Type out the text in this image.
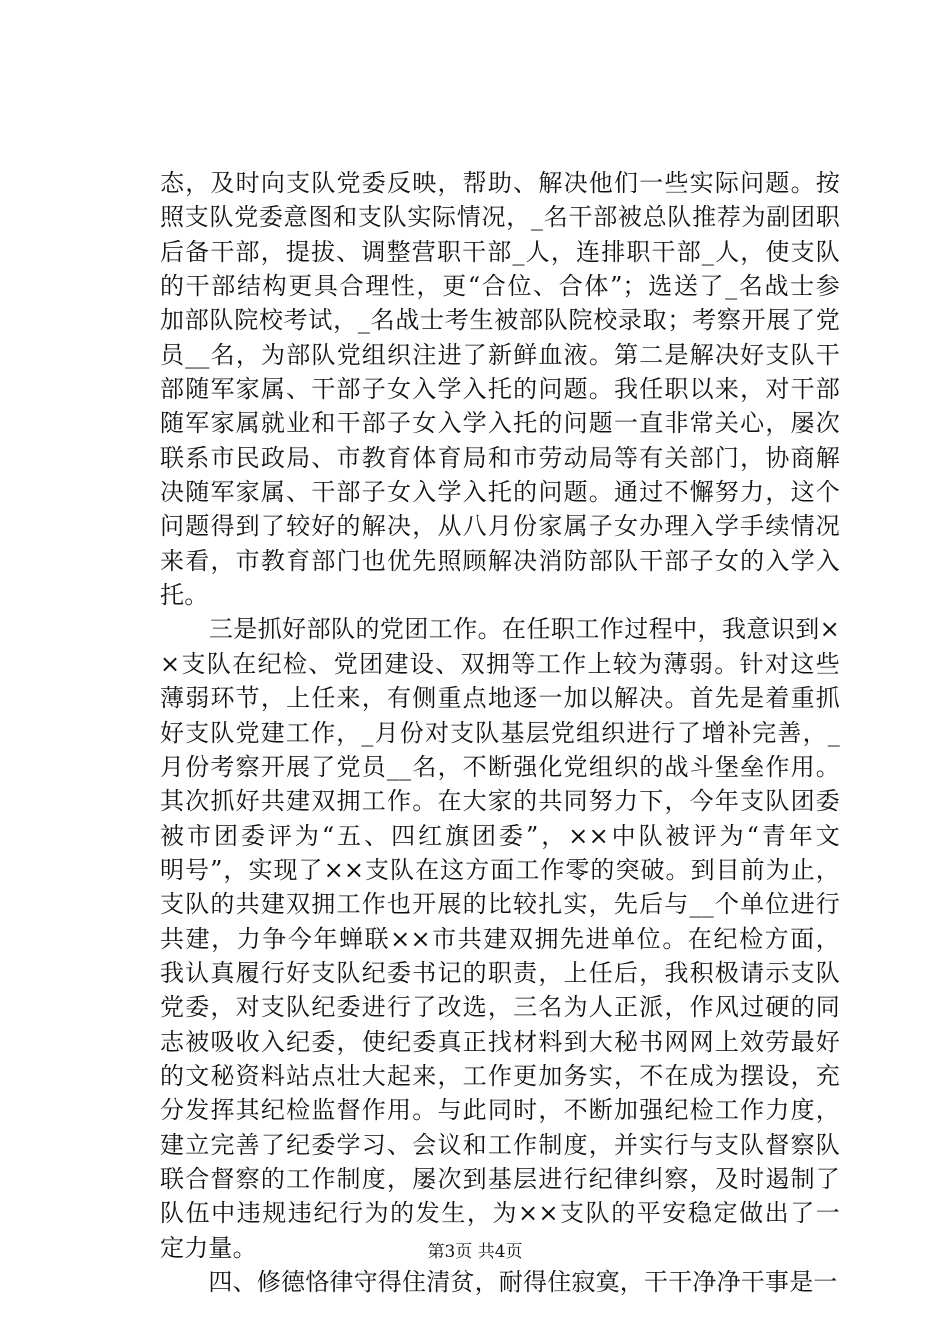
态，及时向支队党委反映，帮助、解决他们一些实际问题。按
照支队党委意图和支队实际情况，_名干部被总队推荐为副团职
后备干部，提拔、调整营职干部_人，连排职干部_人，使支队
的干部结构更具合理性，更“合位、合体”；选送了_名战士参
加部队院校考试，_名战士考生被部队院校录取；考察开展了党
员__名，为部队党组织注进了新鲜血液。第二是解决好支队干
部随军家属、干部子女入学入托的问题。我任职以来，对干部
随军家属就业和干部子女入学入托的问题一直非常关心，屡次
联系市民政局、市教育体育局和市劳动局等有关部门，协商解
决随军家属、干部子女入学入托的问题。通过不懈努力，这个
问题得到了较好的解决，从八月份家属子女办理入学手续情况
来看，市教育部门也优先照顾解决消防部队干部子女的入学入
托。
　　三是抓好部队的党团工作。在任职工作过程中，我意识到×
×支队在纪检、党团建设、双拥等工作上较为薄弱。针对这些
薄弱环节，上任来，有侧重点地逐一加以解决。首先是着重抓
好支队党建工作，_月份对支队基层党组织进行了增补完善，_
月份考察开展了党员__名，不断强化党组织的战斗堡垒作用。
其次抓好共建双拥工作。在大家的共同努力下，今年支队团委
被市团委评为“五、四红旗团委”，××中队被评为“青年文
明号”，实现了××支队在这方面工作零的突破。到目前为止，
支队的共建双拥工作也开展的比较扎实，先后与__个单位进行
共建，力争今年蝉联××市共建双拥先进单位。在纪检方面，
我认真履行好支队纪委书记的职责，上任后，我积极请示支队
党委，对支队纪委进行了改选，三名为人正派，作风过硬的同
志被吸收入纪委，使纪委真正找材料到大秘书网网上效劳最好
的文秘资料站点壮大起来，工作更加务实，不在成为摆设，充
分发挥其纪检监督作用。与此同时，不断加强纪检工作力度，
建立完善了纪委学习、会议和工作制度，并实行与支队督察队
联合督察的工作制度，屡次到基层进行纪律纠察，及时遏制了
队伍中违规违纪行为的发生，为××支队的平安稳定做出了一
定力量。
　　四、修德恪律守得住清贫，耐得住寂寞，干干净净干事是一
第3页 共4页
